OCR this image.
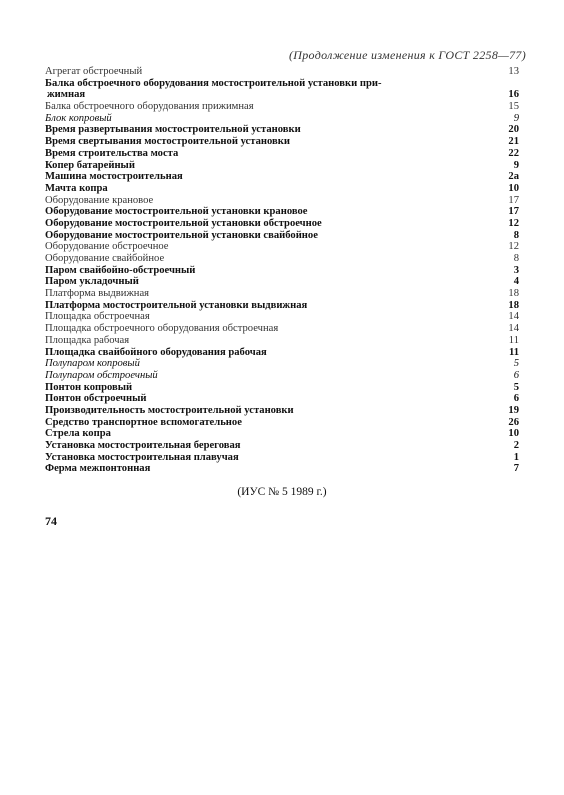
(Продолжение изменения к ГОСТ 2258—77)
Агрегат обстроечный	13
Балка обстроечного оборудования мостостроительной установки при-
жимная	16
Балка обстроечного оборудования прижимная	15
Блок копровый	9
Время развертывания мостостроительной установки	20
Время свертывания мостостроительной установки	21
Время строительства моста	22
Копер батарейный	9
Машина мостостроительная	2а
Мачта копра	10
Оборудование крановое	17
Оборудование мостостроительной установки крановое	17
Оборудование мостостроительной установки обстроечное	12
Оборудование мостостроительной установки свайбойное	8
Оборудование обстроечное	12
Оборудование свайбойное	8
Паром свайбойно-обстроечный	3
Паром укладочный	4
Платформа выдвижная	18
Платформа мостостроительной установки выдвижная	18
Площадка обстроечная	14
Площадка обстроечного оборудования обстроечная	14
Площадка рабочая	11
Площадка свайбойного оборудования рабочая	11
Полупаром копровый	5
Полупаром обстроечный	6
Понтон копровый	5
Понтон обстроечный	6
Производительность мостостроительной установки	19
Средство транспортное вспомогательное	26
Стрела копра	10
Установка мостостроительная береговая	2
Установка мостостроительная плавучая	1
Ферма межпонтонная	7
(ИУС № 5 1989 г.)
74
